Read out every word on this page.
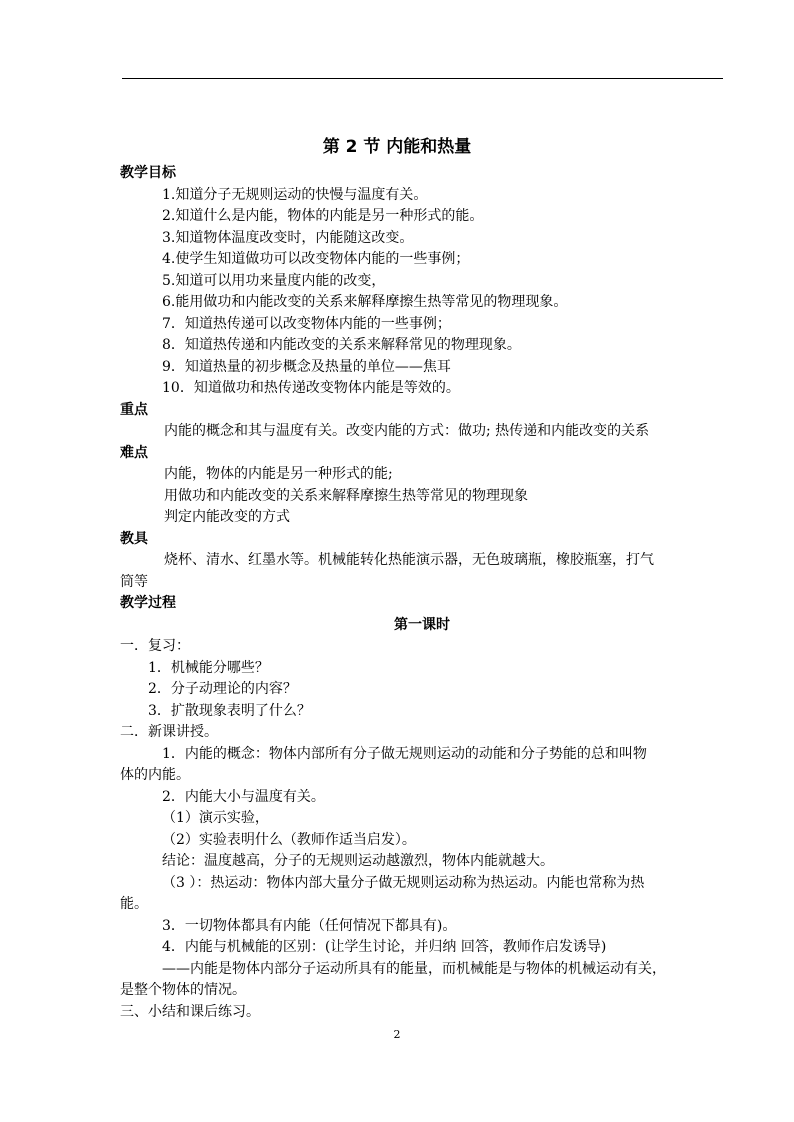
第 2 节 内能和热量
教学目标
1.知道分子无规则运动的快慢与温度有关。
2.知道什么是内能，物体的内能是另一种形式的能。
3.知道物体温度改变时，内能随这改变。
4.使学生知道做功可以改变物体内能的一些事例；
5.知道可以用功来量度内能的改变，
6.能用做功和内能改变的关系来解释摩擦生热等常见的物理现象。
7．知道热传递可以改变物体内能的一些事例；
8．知道热传递和内能改变的关系来解释常见的物理现象。
9．知道热量的初步概念及热量的单位——焦耳
10．知道做功和热传递改变物体内能是等效的。
重点
内能的概念和其与温度有关。改变内能的方式：做功; 热传递和内能改变的关系
难点
内能，物体的内能是另一种形式的能;
用做功和内能改变的关系来解释摩擦生热等常见的物理现象
判定内能改变的方式
教具
烧杯、清水、红墨水等。机械能转化热能演示器，无色玻璃瓶，橡胶瓶塞，打气
筒等
教学过程
第一课时
一．复习：
1．机械能分哪些？
2．分子动理论的内容？
3．扩散现象表明了什么？
二．新课讲授。
1．内能的概念：物体内部所有分子做无规则运动的动能和分子势能的总和叫物
体的内能。
2．内能大小与温度有关。
（1）演示实验，
（2）实验表明什么（教师作适当启发）。
结论：温度越高，分子的无规则运动越激烈，物体内能就越大。
（3 ）：热运动：物体内部大量分子做无规则运动称为热运动。内能也常称为热
能。
3．一切物体都具有内能（任何情况下都具有)。
4．内能与机械能的区别：(让学生讨论，并归纳 回答，教师作启发诱导)
——内能是物体内部分子运动所具有的能量，而机械能是与物体的机械运动有关，
是整个物体的情况。
三、小结和课后练习。
2
